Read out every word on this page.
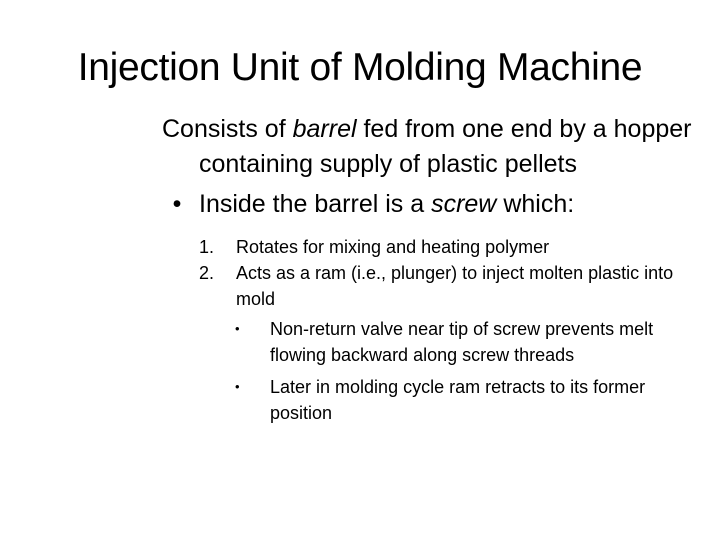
Injection Unit of Molding Machine

Consists of barrel fed from one end by a hopper containing supply of plastic pellets

• Inside the barrel is a screw which:
1. Rotates for mixing and heating polymer
2. Acts as a ram (i.e., plunger) to inject molten plastic into mold
• Non‑return valve near tip of screw prevents melt flowing backward along screw threads
• Later in molding cycle ram retracts to its former position
